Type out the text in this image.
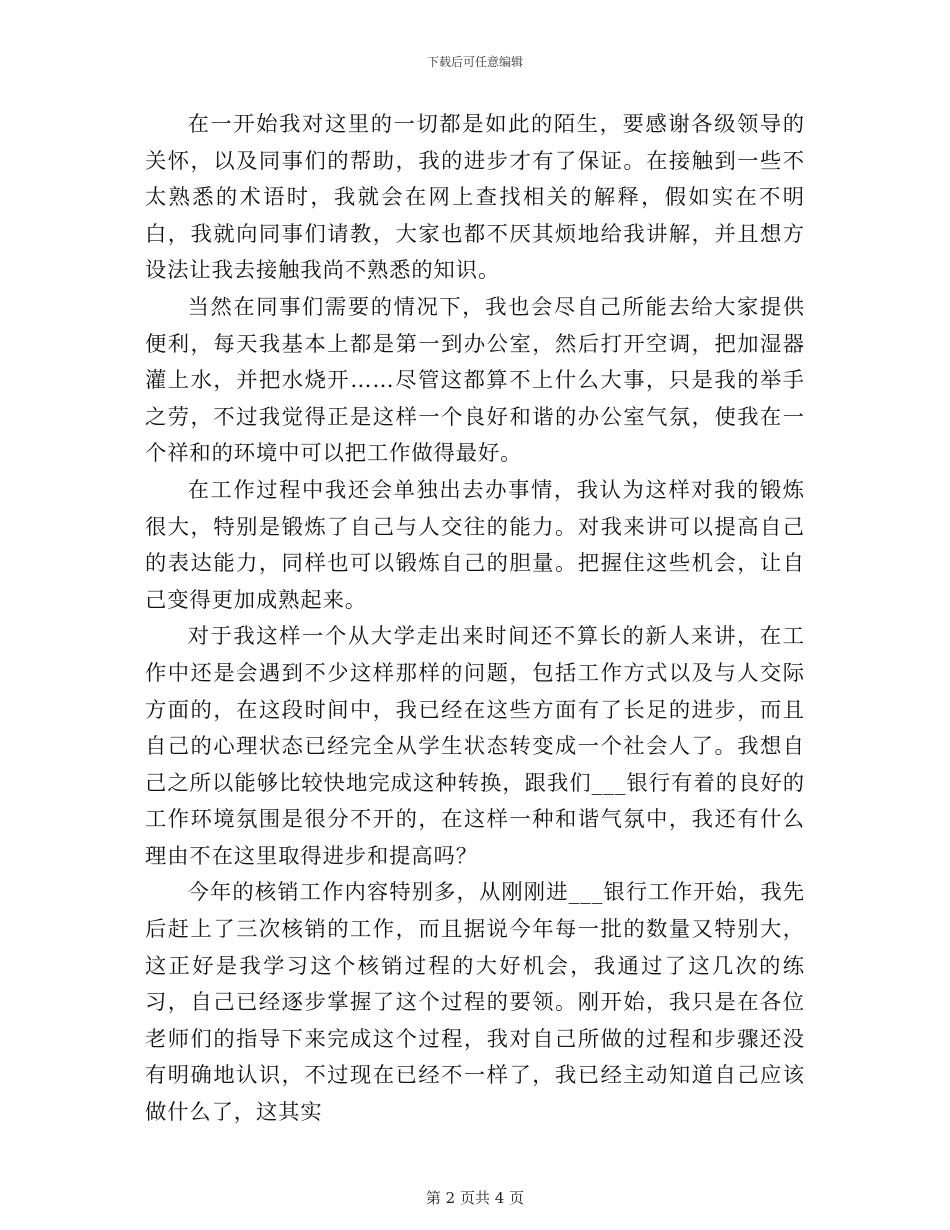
下载后可任意编辑

在一开始我对这里的一切都是如此的陌生，要感谢各级领导的关怀，以及同事们的帮助，我的进步才有了保证。在接触到一些不太熟悉的术语时，我就会在网上查找相关的解释，假如实在不明白，我就向同事们请教，大家也都不厌其烦地给我讲解，并且想方设法让我去接触我尚不熟悉的知识。

当然在同事们需要的情况下，我也会尽自己所能去给大家提供便利，每天我基本上都是第一到办公室，然后打开空调，把加湿器灌上水，并把水烧开……尽管这都算不上什么大事，只是我的举手之劳，不过我觉得正是这样一个良好和谐的办公室气氛，使我在一个祥和的环境中可以把工作做得最好。

在工作过程中我还会单独出去办事情，我认为这样对我的锻炼很大，特别是锻炼了自己与人交往的能力。对我来讲可以提高自己的表达能力，同样也可以锻炼自己的胆量。把握住这些机会，让自己变得更加成熟起来。

对于我这样一个从大学走出来时间还不算长的新人来讲，在工作中还是会遇到不少这样那样的问题，包括工作方式以及与人交际方面的，在这段时间中，我已经在这些方面有了长足的进步，而且自己的心理状态已经完全从学生状态转变成一个社会人了。我想自己之所以能够比较快地完成这种转换，跟我们___银行有着的良好的工作环境氛围是很分不开的，在这样一种和谐气氛中，我还有什么理由不在这里取得进步和提高吗？

今年的核销工作内容特别多，从刚刚进___银行工作开始，我先后赶上了三次核销的工作，而且据说今年每一批的数量又特别大，这正好是我学习这个核销过程的大好机会，我通过了这几次的练习，自己已经逐步掌握了这个过程的要领。刚开始，我只是在各位老师们的指导下来完成这个过程，我对自己所做的过程和步骤还没有明确地认识，不过现在已经不一样了，我已经主动知道自己应该做什么了，这其实

第 2 页共 4 页
